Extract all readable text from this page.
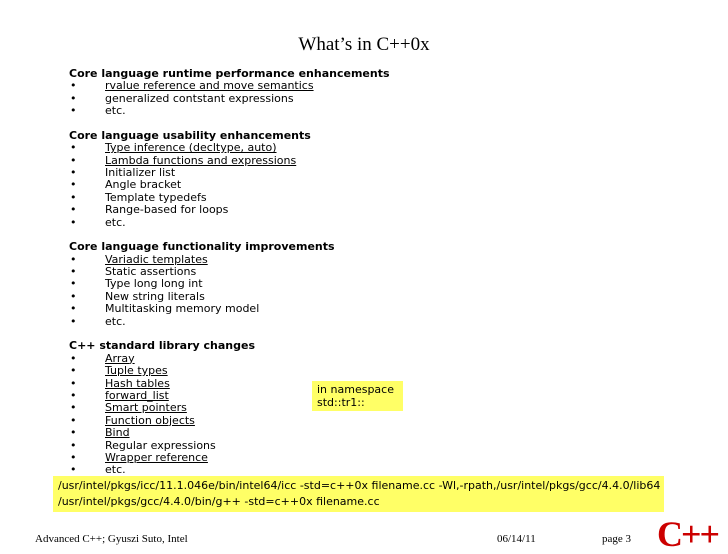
What’s in C++0x
Core language runtime performance enhancements
•	rvalue reference and move semantics
•	generalized contstant expressions
•	etc.
Core language usability enhancements
•	Type inference (decltype, auto)
•	Lambda functions and expressions
•	Initializer list
•	Angle bracket
•	Template typedefs
•	Range-based for loops
•	etc.
Core language functionality improvements
•	Variadic templates
•	Static assertions
•	Type long long int
•	New string literals
•	Multitasking memory model
•	etc.
C++ standard library changes
•	Array
•	Tuple types
•	Hash tables
•	forward_list
•	Smart pointers
•	Function objects
•	Bind
•	Regular expressions
•	Wrapper reference
•	etc.
in namespace
std::tr1::
/usr/intel/pkgs/icc/11.1.046e/bin/intel64/icc -std=c++0x filename.cc -Wl,-rpath,/usr/intel/pkgs/gcc/4.4.0/lib64
/usr/intel/pkgs/gcc/4.4.0/bin/g++ -std=c++0x filename.cc
Advanced C++; Gyuszi Suto, Intel	06/14/11	page 3 C++
